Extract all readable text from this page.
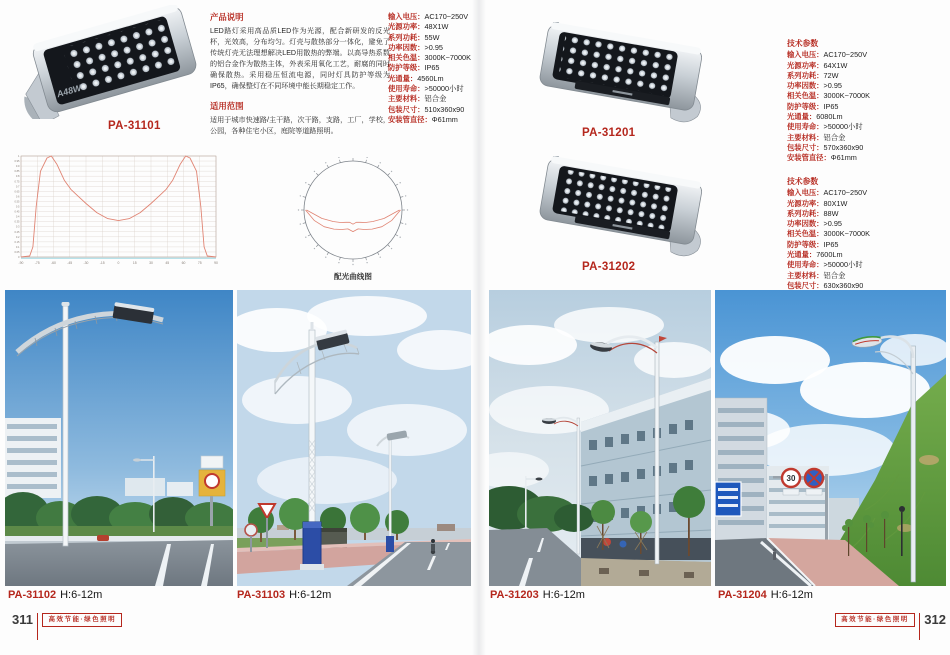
A48W
PA-31101
产品说明

LED路灯采用高品质LED作为光源，配合新研发的反光杯，光效高，分布均匀。灯壳与散热部分一体化，避免了传统灯壳无法理想解决LED用散热的弊端。以高导热系数的铝合金作为散热主体，外表采用氧化工艺，耐腐的同时确保散热。采用稳压恒流电源，同时灯具防护等级为IP65，确保整灯在不同环境中能长期稳定工作。

适用范围

适用于城市快速路/主干路，次干路，支路，工厂，学校，公园，各种住宅小区，庭院等道路照明。

输入电压：AC170~250V
光源功率：48X1W
系列功耗：55W
功率因数：>0.95
相关色温：3000K~7000K
防护等级：IP65
光通量：4560Lm
使用寿命：>50000小时
主要材料：铝合金
包装尺寸：510x360x90
安装管直径：Φ61mm
PA-31201
技术参数
输入电压：AC170~250V
光源功率：64X1W
系列功耗：72W
功率因数：>0.95
相关色温：3000K~7000K
防护等级：IP65
光通量：6080Lm
使用寿命：>50000小时
主要材料：铝合金
包装尺寸：570x360x90
安装管直径：Φ61mm
PA-31202
技术参数
输入电压：AC170~250V
光源功率：80X1W
系列功耗：88W
功率因数：>0.95
相关色温：3000K~7000K
防护等级：IP65
光通量：7600Lm
使用寿命：>50000小时
主要材料：铝合金
包装尺寸：630x360x90
-90	-75	-60	-45	-30	-15	0	15	30	45	60	75	90
1
0.95
0.9
0.85
0.8
0.75
0.7
0.65
0.6
0.55
0.5
0.45
0.4
0.35
0.3
0.25
0.2
0.15
0.1
0.05
0
配光曲线图
30
PA-31102 H:6-12m	PA-31103 H:6-12m	PA-31203 H:6-12m	PA-31204 H:6-12m
311	高效节能·绿色照明	高效节能·绿色照明	312
